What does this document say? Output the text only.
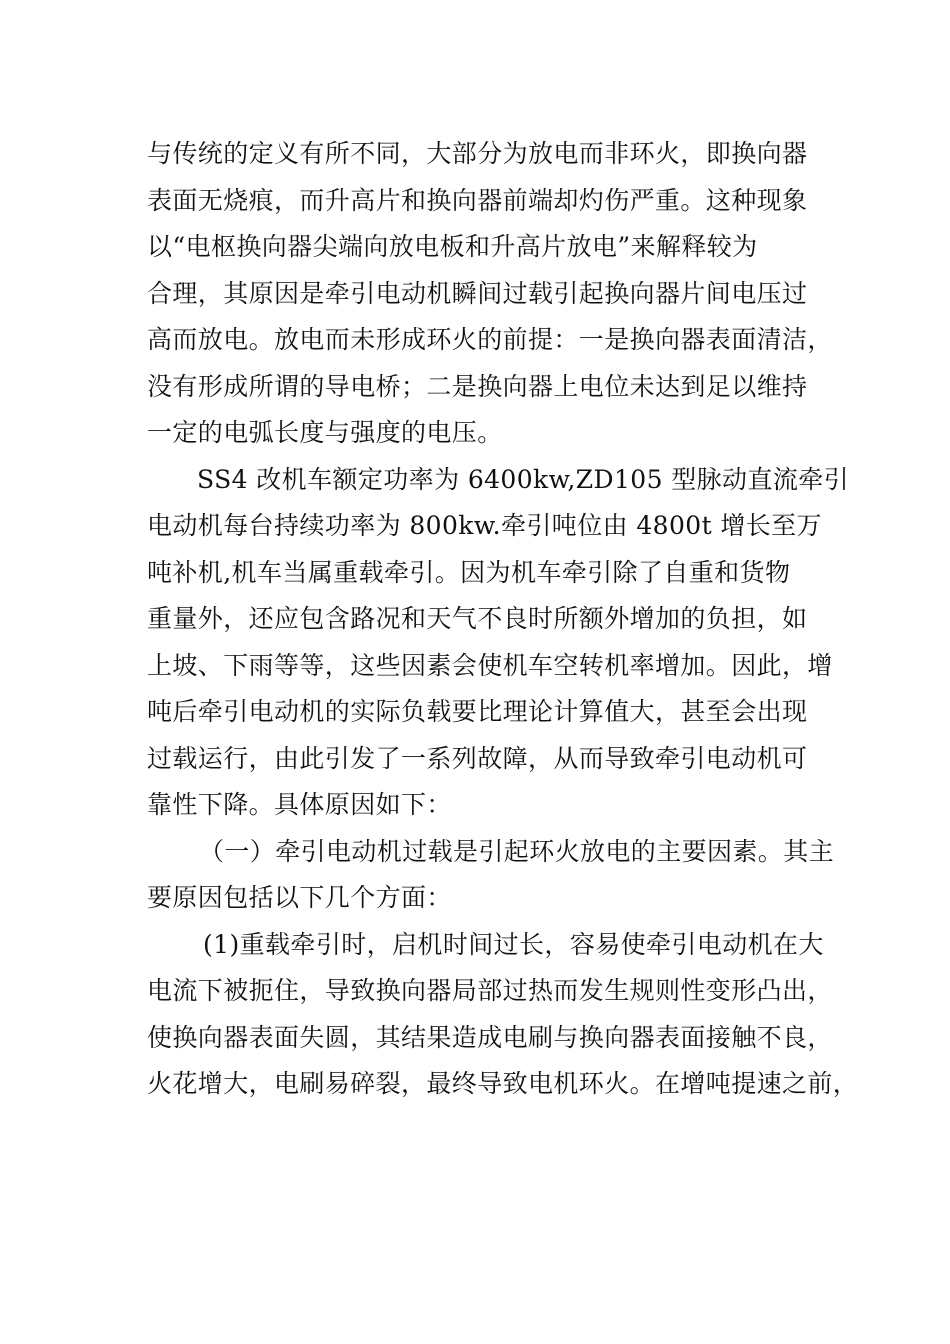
与传统的定义有所不同，大部分为放电而非环火，即换向器
表面无烧痕，而升高片和换向器前端却灼伤严重。这种现象
以“电枢换向器尖端向放电板和升高片放电”来解释较为
合理，其原因是牵引电动机瞬间过载引起换向器片间电压过
高而放电。放电而未形成环火的前提：一是换向器表面清洁，
没有形成所谓的导电桥；二是换向器上电位未达到足以维持
一定的电弧长度与强度的电压。
SS4 改机车额定功率为 6400kw,ZD105 型脉动直流牵引
电动机每台持续功率为 800kw.牵引吨位由 4800t 增长至万
吨补机,机车当属重载牵引。因为机车牵引除了自重和货物
重量外，还应包含路况和天气不良时所额外增加的负担，如
上坡、下雨等等，这些因素会使机车空转机率增加。因此，增
吨后牵引电动机的实际负载要比理论计算值大，甚至会出现
过载运行，由此引发了一系列故障，从而导致牵引电动机可
靠性下降。具体原因如下：
（一）牵引电动机过载是引起环火放电的主要因素。其主
要原因包括以下几个方面：
(1)重载牵引时，启机时间过长，容易使牵引电动机在大
电流下被扼住，导致换向器局部过热而发生规则性变形凸出，
使换向器表面失圆，其结果造成电刷与换向器表面接触不良，
火花增大，电刷易碎裂，最终导致电机环火。在增吨提速之前，
